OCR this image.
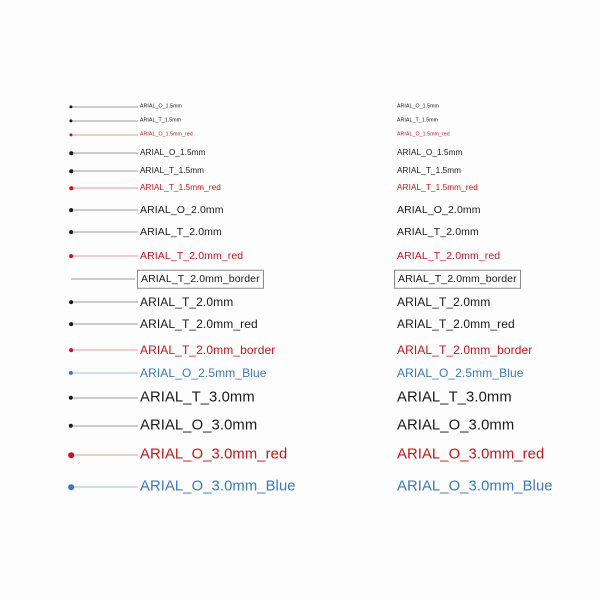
ARIAL_O_1.5mm
ARIAL_T_1.5mm
ARIAL_O_1.5mm_red
ARIAL_O_1.5mm
ARIAL_T_1.5mm
ARIAL_T_1.5mm_red
ARIAL_O_2.0mm
ARIAL_T_2.0mm
ARIAL_T_2.0mm_red
ARIAL_T_2.0mm_border
ARIAL_T_2.0mm
ARIAL_T_2.0mm_red
ARIAL_T_2.0mm_border
ARIAL_O_2.5mm_Blue
ARIAL_T_3.0mm
ARIAL_O_3.0mm
ARIAL_O_3.0mm_red
ARIAL_O_3.0mm_Blue
ARIAL_O_1.5mm
ARIAL_T_1.5mm
ARIAL_O_1.5mm_red
ARIAL_O_1.5mm
ARIAL_T_1.5mm
ARIAL_T_1.5mm_red
ARIAL_O_2.0mm
ARIAL_T_2.0mm
ARIAL_T_2.0mm_red
ARIAL_T_2.0mm_border
ARIAL_T_2.0mm
ARIAL_T_2.0mm_red
ARIAL_T_2.0mm_border
ARIAL_O_2.5mm_Blue
ARIAL_T_3.0mm
ARIAL_O_3.0mm
ARIAL_O_3.0mm_red
ARIAL_O_3.0mm_Blue
